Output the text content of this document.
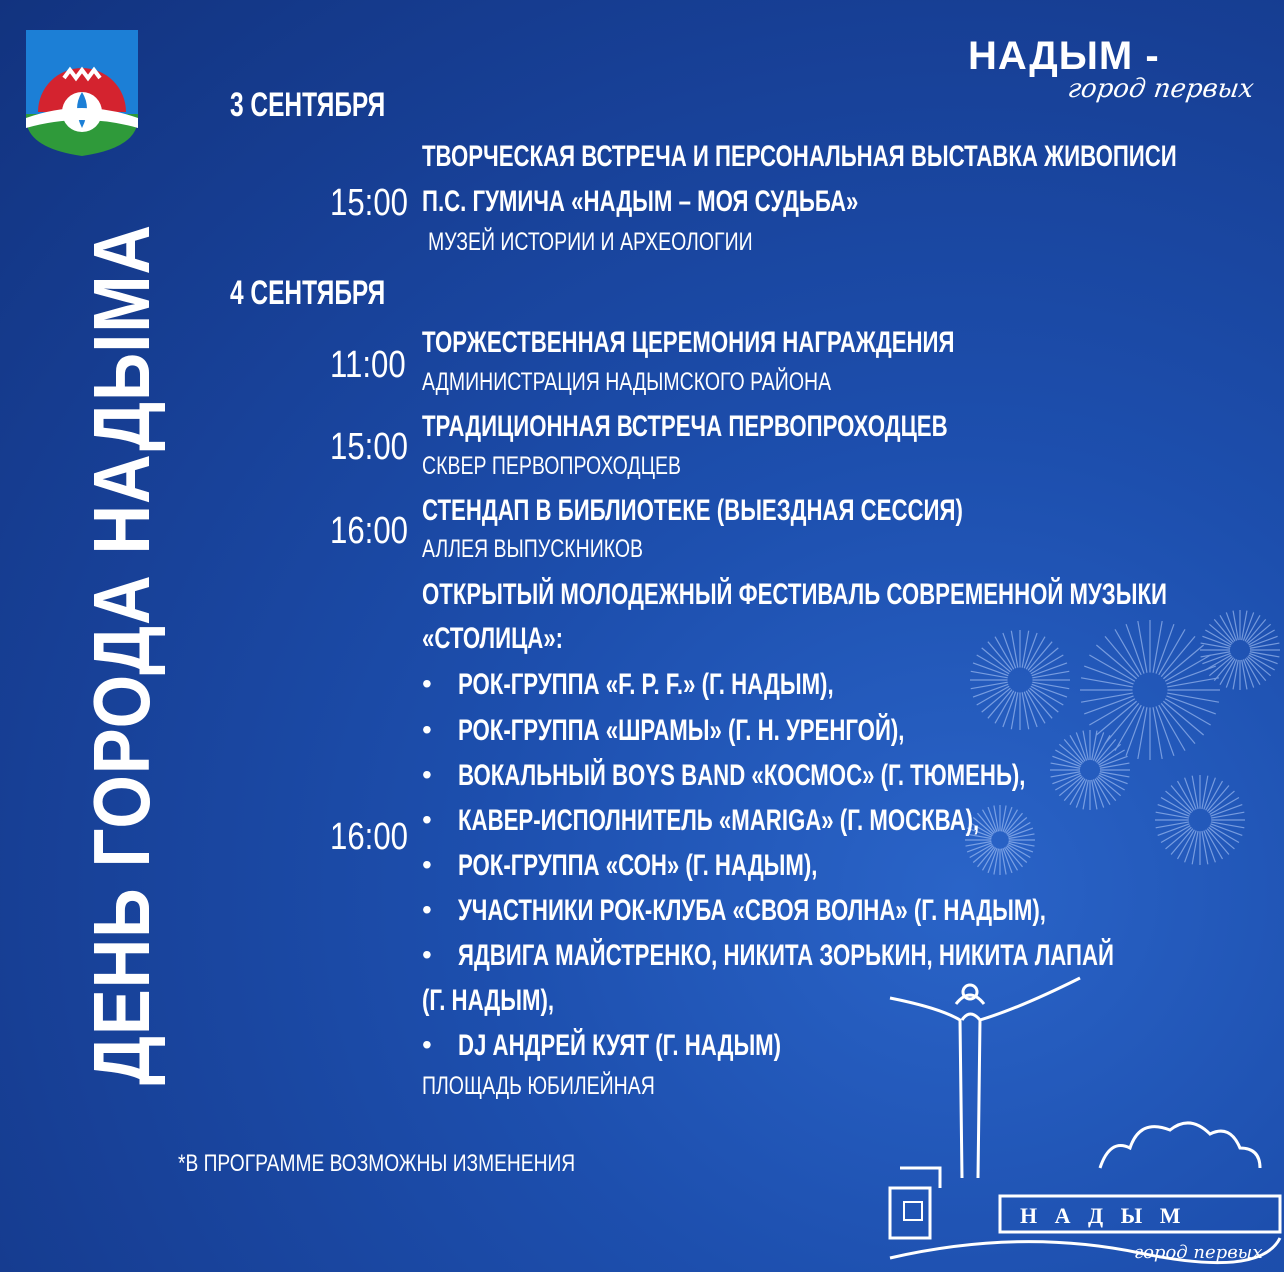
НАДЫМ -
город первых
ДЕНЬ ГОРОДА НАДЫМА
Н А Д Ы М
город первых
3 СЕНТЯБРЯ
4 СЕНТЯБРЯ
ТВОРЧЕСКАЯ ВСТРЕЧА И ПЕРСОНАЛЬНАЯ ВЫСТАВКА ЖИВОПИСИ
15:00 П.С. ГУМИЧА «НАДЫМ – МОЯ СУДЬБА»
МУЗЕЙ ИСТОРИИ И АРХЕОЛОГИИ
ТОРЖЕСТВЕННАЯ ЦЕРЕМОНИЯ НАГРАЖДЕНИЯ
11:00 АДМИНИСТРАЦИЯ НАДЫМСКОГО РАЙОНА
ТРАДИЦИОННАЯ ВСТРЕЧА ПЕРВОПРОХОДЦЕВ
15:00 СКВЕР ПЕРВОПРОХОДЦЕВ
СТЕНДАП В БИБЛИОТЕКЕ (ВЫЕЗДНАЯ СЕССИЯ)
16:00 АЛЛЕЯ ВЫПУСКНИКОВ
ОТКРЫТЫЙ МОЛОДЕЖНЫЙ ФЕСТИВАЛЬ СОВРЕМЕННОЙ МУЗЫКИ
«СТОЛИЦА»:
16:00
• РОК-ГРУППА «F. P. F.» (Г. НАДЫМ),
• РОК-ГРУППА «ШРАМЫ» (Г. Н. УРЕНГОЙ),
• ВОКАЛЬНЫЙ BOYS BAND «КОСМОС» (Г. ТЮМЕНЬ),
• КАВЕР-ИСПОЛНИТЕЛЬ «MARIGA» (Г. МОСКВА),
• РОК-ГРУППА «СОН» (Г. НАДЫМ),
• УЧАСТНИКИ РОК-КЛУБА «СВОЯ ВОЛНА» (Г. НАДЫМ),
• ЯДВИГА МАЙСТРЕНКО, НИКИТА ЗОРЬКИН, НИКИТА ЛАПАЙ
(Г. НАДЫМ),
• DJ АНДРЕЙ КУЯТ (Г. НАДЫМ)
ПЛОЩАДЬ ЮБИЛЕЙНАЯ
*В ПРОГРАММЕ ВОЗМОЖНЫ ИЗМЕНЕНИЯ
